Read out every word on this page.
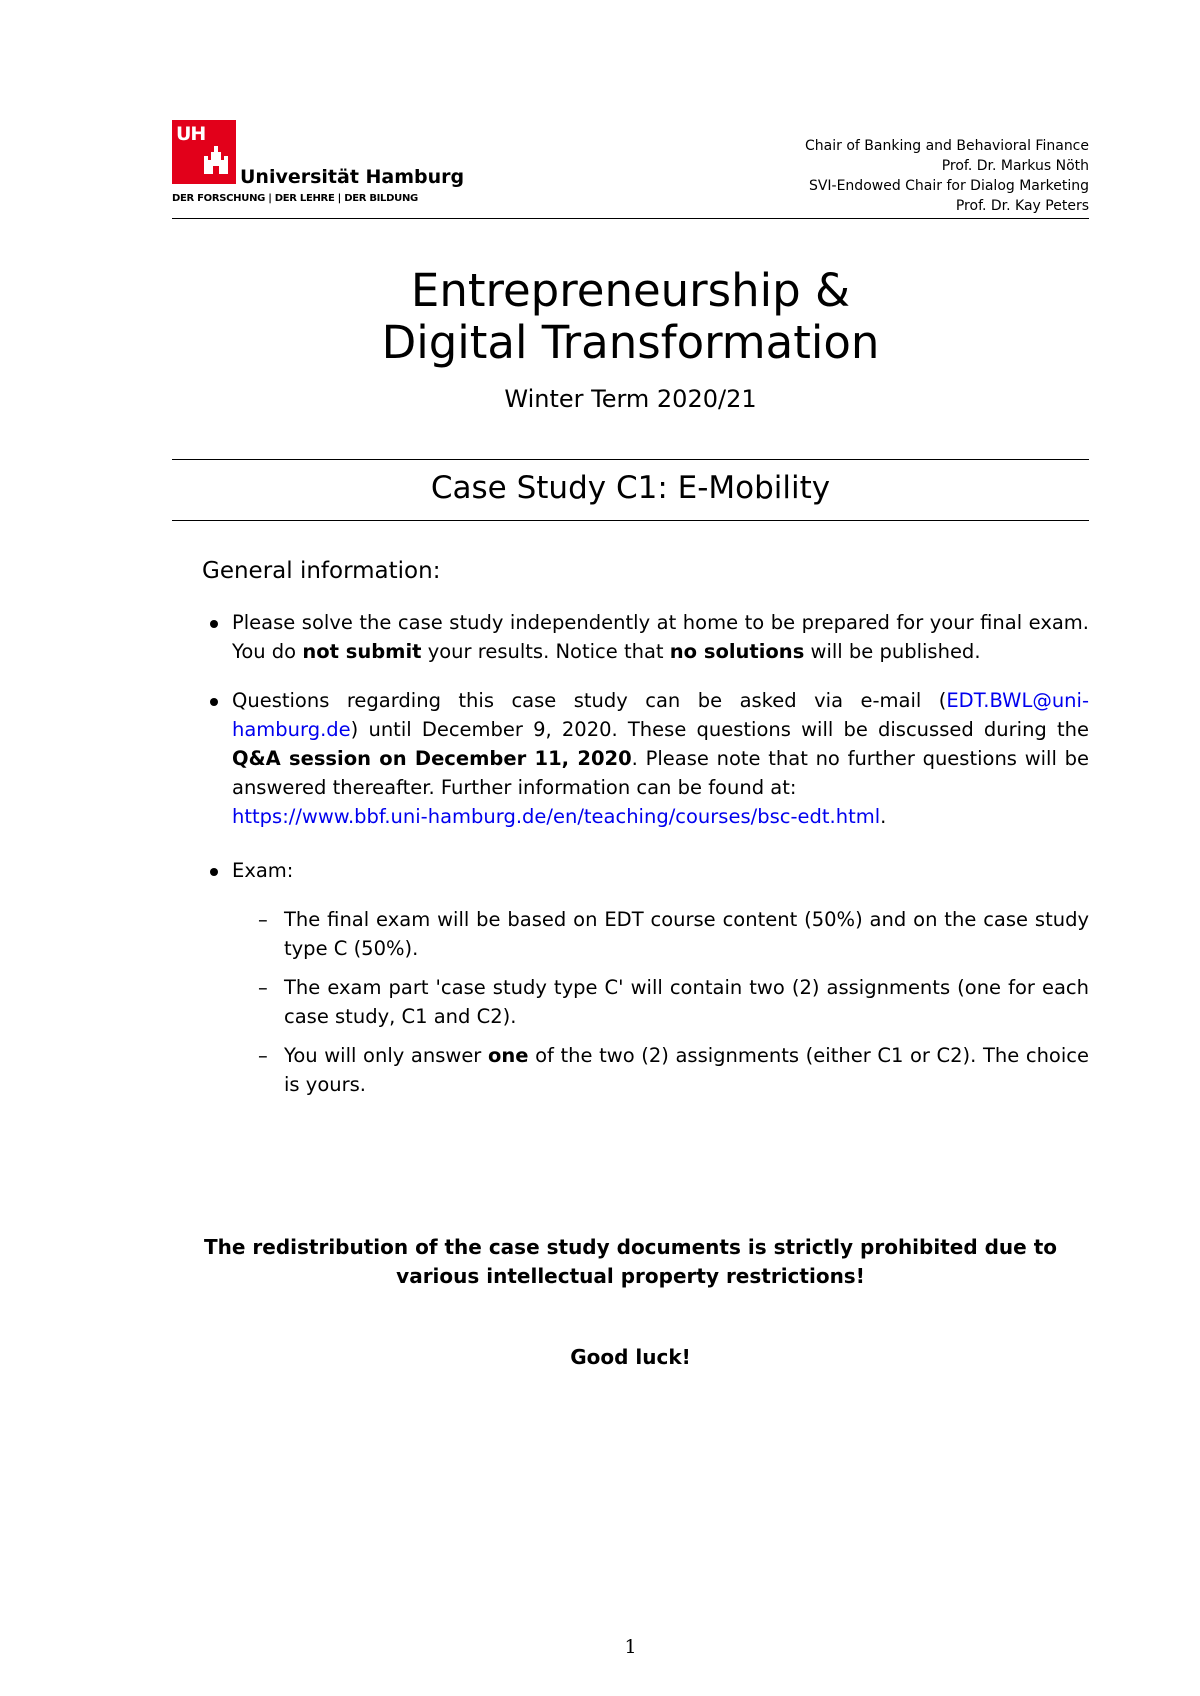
UH
Universität Hamburg
DER FORSCHUNG | DER LEHRE | DER BILDUNG
Chair of Banking and Behavioral Finance
Prof. Dr. Markus Nöth
SVI-Endowed Chair for Dialog Marketing
Prof. Dr. Kay Peters
Entrepreneurship &
Digital Transformation
Winter Term 2020/21
Case Study C1: E-Mobility
General information:
Please solve the case study independently at home to be prepared for your final exam. You do not submit your results. Notice that no solutions will be published.
Questions regarding this case study can be asked via e-mail (EDT.BWL@uni-hamburg.de) until December 9, 2020. These questions will be discussed during the Q&A session on December 11, 2020. Please note that no further questions will be answered thereafter. Further information can be found at:
https://www.bbf.uni-hamburg.de/en/teaching/courses/bsc-edt.html.
Exam:
– The final exam will be based on EDT course content (50%) and on the case study type C (50%).
– The exam part 'case study type C' will contain two (2) assignments (one for each case study, C1 and C2).
– You will only answer one of the two (2) assignments (either C1 or C2). The choice is yours.
The redistribution of the case study documents is strictly prohibited due to
various intellectual property restrictions!
Good luck!
1
